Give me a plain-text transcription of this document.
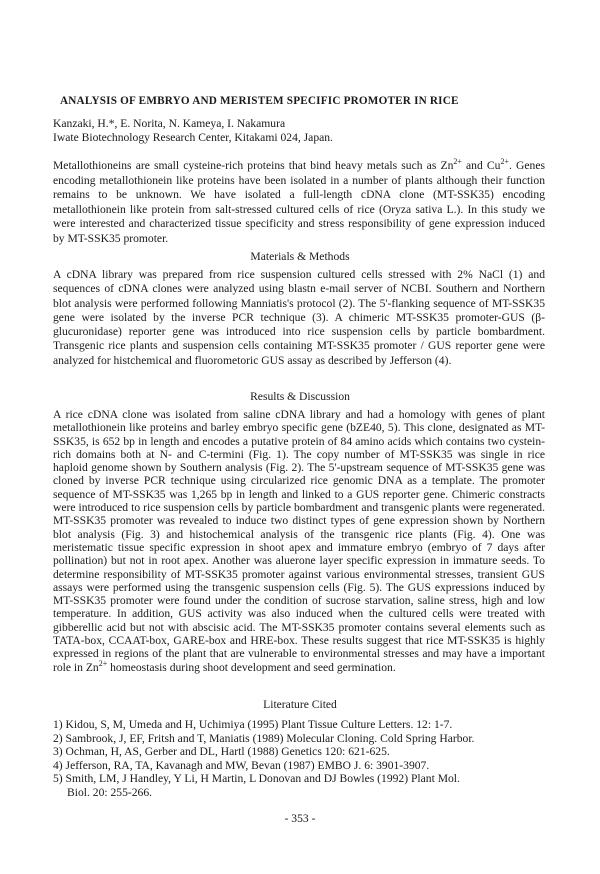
ANALYSIS OF EMBRYO AND MERISTEM SPECIFIC PROMOTER IN RICE
Kanzaki, H.*, E. Norita, N. Kameya, I. Nakamura
Iwate Biotechnology Research Center, Kitakami 024, Japan.

Metallothioneins are small cysteine-rich proteins that bind heavy metals such as $Zn^{2+}$ and $Cu^{2+}$. Genes encoding metallothionein like proteins have been isolated in a number of plants although their function remains to be unknown. We have isolated a full-length cDNA clone (MT-SSK35) encoding metallothionein like protein from salt-stressed cultured cells of rice (Oryza sativa L.). In this study we were interested and characterized tissue specificity and stress responsibility of gene expression induced by MT-SSK35 promoter.

Materials & Methods

A cDNA library was prepared from rice suspension cultured cells stressed with 2% NaCl (1) and sequences of cDNA clones were analyzed using blastn e-mail server of NCBI. Southern and Northern blot analysis were performed following Manniatis's protocol (2). The 5'-flanking sequence of MT-SSK35 gene were isolated by the inverse PCR technique (3). A chimeric MT-SSK35 promoter-GUS (β-glucuronidase) reporter gene was introduced into rice suspension cells by particle bombardment. Transgenic rice plants and suspension cells containing MT-SSK35 promoter / GUS reporter gene were analyzed for histchemical and fluorometoric GUS assay as described by Jefferson (4).

Results & Discussion

A rice cDNA clone was isolated from saline cDNA library and had a homology with genes of plant metallothionein like proteins and barley embryo specific gene (bZE40, 5). This clone, designated as MT-SSK35, is 652 bp in length and encodes a putative protein of 84 amino acids which contains two cystein-rich domains both at N- and C-termini (Fig. 1). The copy number of MT-SSK35 was single in rice haploid genome shown by Southern analysis (Fig. 2). The 5'-upstream sequence of MT-SSK35 gene was cloned by inverse PCR technique using circularized rice genomic DNA as a template. The promoter sequence of MT-SSK35 was 1,265 bp in length and linked to a GUS reporter gene. Chimeric constracts were introduced to rice suspension cells by particle bombardment and transgenic plants were regenerated. MT-SSK35 promoter was revealed to induce two distinct types of gene expression shown by Northern blot analysis (Fig. 3) and histochemical analysis of the transgenic rice plants (Fig. 4). One was meristematic tissue specific expression in shoot apex and immature embryo (embryo of 7 days after pollination) but not in root apex. Another was aluerone layer specific expression in immature seeds. To determine responsibility of MT-SSK35 promoter against various environmental stresses, transient GUS assays were performed using the transgenic suspension cells (Fig. 5). The GUS expressions induced by MT-SSK35 promoter were found under the condition of sucrose starvation, saline stress, high and low temperature. In addition, GUS activity was also induced when the cultured cells were treated with gibberellic acid but not with abscisic acid. The MT-SSK35 promoter contains several elements such as TATA-box, CCAAT-box, GARE-box and HRE-box. These results suggest that rice MT-SSK35 is highly expressed in regions of the plant that are vulnerable to environmental stresses and may have a important role in $Zn^{2+}$ homeostasis during shoot development and seed germination.

Literature Cited
1) Kidou, S, M, Umeda and H, Uchimiya (1995) Plant Tissue Culture Letters. 12: 1-7.
2) Sambrook, J, EF, Fritsh and T, Maniatis (1989) Molecular Cloning. Cold Spring Harbor.
3) Ochman, H, AS, Gerber and DL, Hartl (1988) Genetics 120: 621-625.
4) Jefferson, RA, TA, Kavanagh and MW, Bevan (1987) EMBO J. 6: 3901-3907.
5) Smith, LM, J Handley, Y Li, H Martin, L Donovan and DJ Bowles (1992) Plant Mol.
Biol. 20: 255-266.
- 353 -
